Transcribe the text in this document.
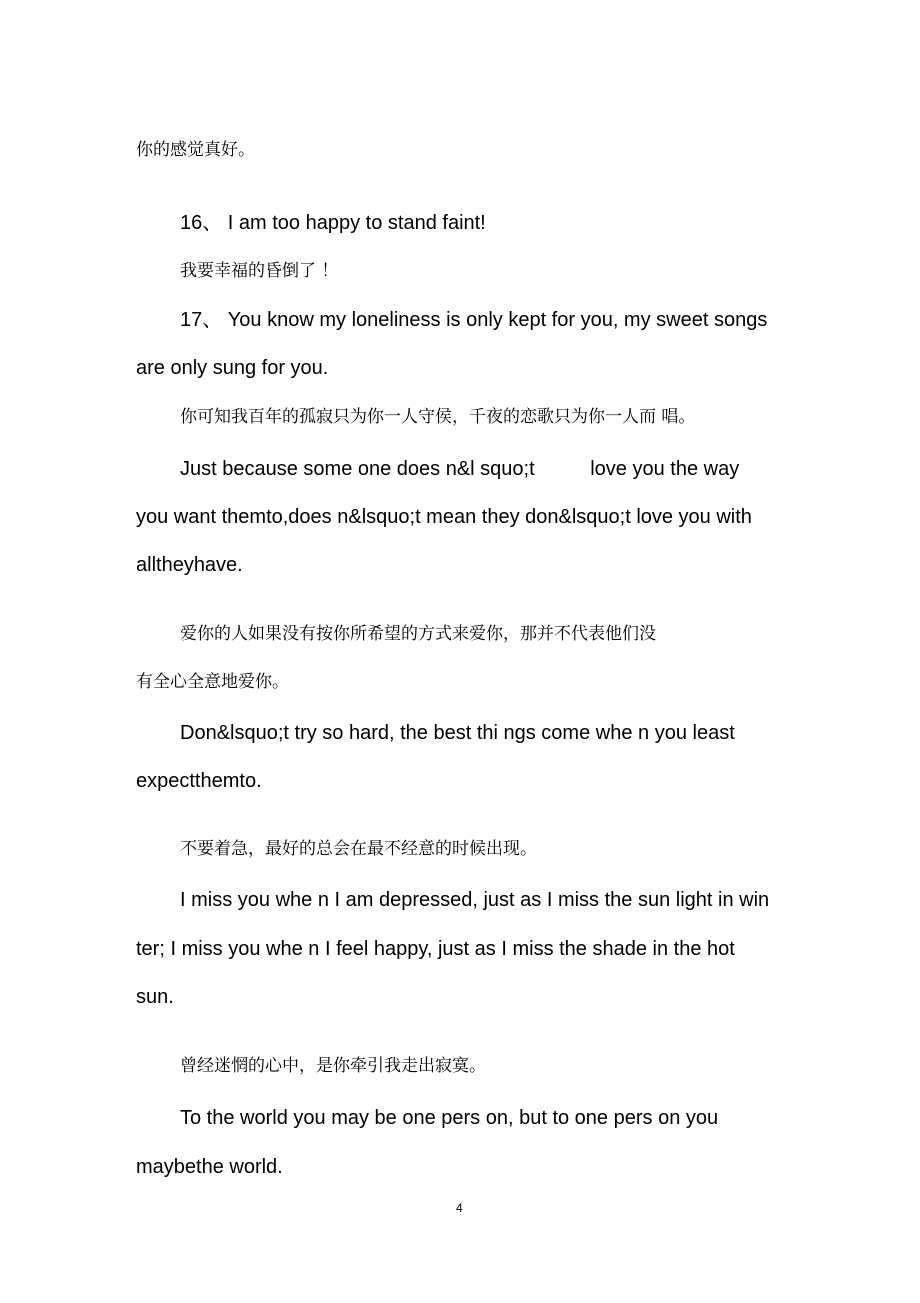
你的感觉真好。
16、 I am too happy to stand faint!
我要幸福的昏倒了 ！
17、 You know my loneliness is only kept for you, my sweet songs
are only sung for you.
你可知我百年的孤寂只为你一人守侯，千夜的恋歌只为你一人而 唱。
Just because some one does n&l squo;t          love you the way
you want themto,does n&lsquo;t mean they don&lsquo;t love you with
alltheyhave.
爱你的人如果没有按你所希望的方式来爱你，那并不代表他们没
有全心全意地爱你。
Don&lsquo;t try so hard, the best thi ngs come whe n you least
expectthemto.
不要着急，最好的总会在最不经意的时候出现。
I miss you whe n I am depressed, just as I miss the sun light in win
ter; I miss you whe n I feel happy, just as I miss the shade in the hot
sun.
曾经迷惘的心中，是你牵引我走出寂寞。
To the world you may be one pers on, but to one pers on you
maybethe world.
4
